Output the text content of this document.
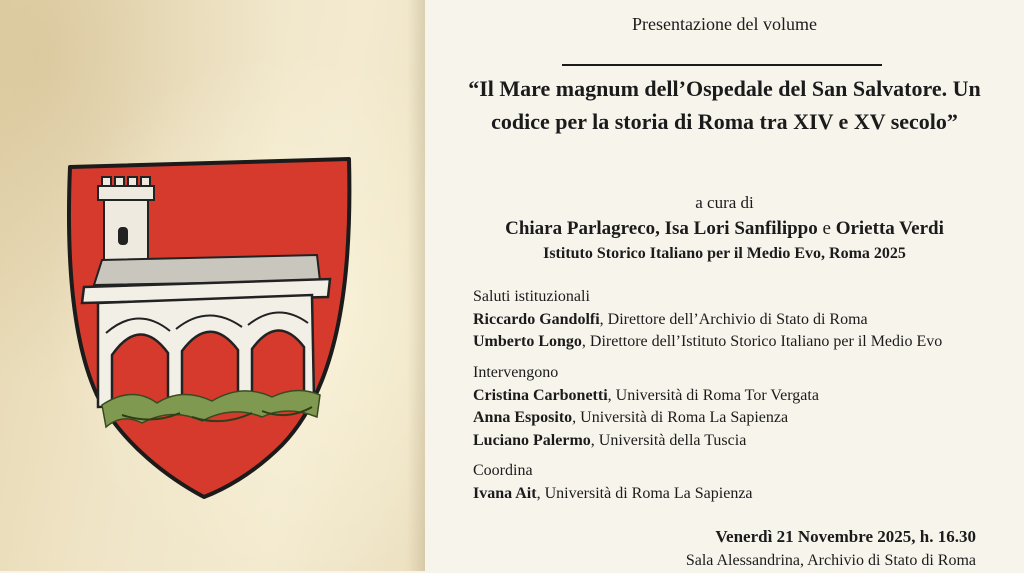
Presentazione del volume
“Il Mare magnum dell’Ospedale del San Salvatore. Un codice per la storia di Roma tra XIV e XV secolo”
a cura di
Chiara Parlagreco, Isa Lori Sanfilippo e Orietta Verdi
Istituto Storico Italiano per il Medio Evo, Roma 2025
Saluti istituzionali
Riccardo Gandolfi, Direttore dell’Archivio di Stato di Roma
Umberto Longo, Direttore dell’Istituto Storico Italiano per il Medio Evo
Intervengono
Cristina Carbonetti, Università di Roma Tor Vergata
Anna Esposito, Università di Roma La Sapienza
Luciano Palermo, Università della Tuscia
Coordina
Ivana Ait, Università di Roma La Sapienza
Venerdì 21 Novembre 2025, h. 16.30
Sala Alessandrina, Archivio di Stato di Roma
